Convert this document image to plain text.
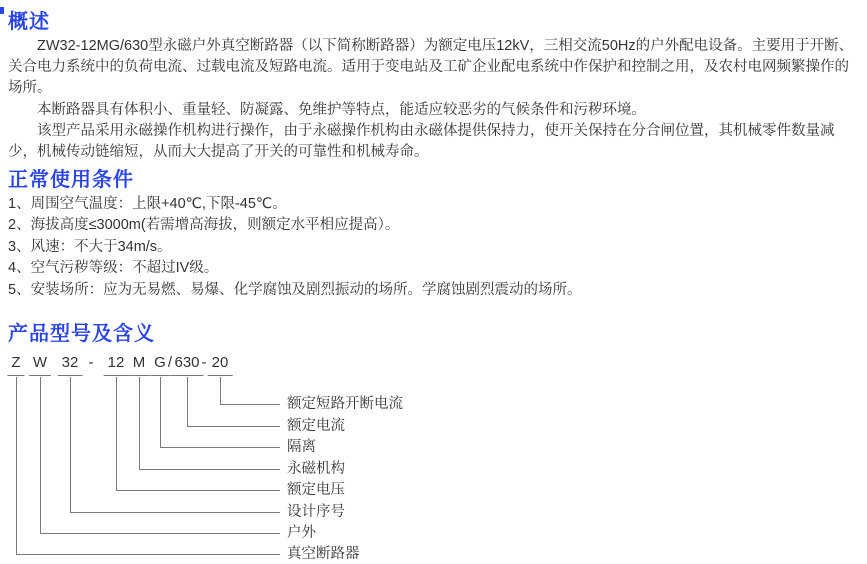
概述

ZW32-12MG/630型永磁户外真空断路器（以下简称断路器）为额定电压12kV，三相交流50Hz的户外配电设备。主要用于开断、关合电力系统中的负荷电流、过载电流及短路电流。适用于变电站及工矿企业配电系统中作保护和控制之用，及农村电网频繁操作的场所。

本断路器具有体积小、重量轻、防凝露、免维护等特点，能适应较恶劣的气候条件和污秽环境。

该型产品采用永磁操作机构进行操作，由于永磁操作机构由永磁体提供保持力，使开关保持在分合闸位置，其机械零件数量减少，机械传动链缩短，从而大大提高了开关的可靠性和机械寿命。

正常使用条件

1、周围空气温度：上限+40℃,下限-45℃。

2、海拔高度≤3000m(若需增高海拔，则额定水平相应提高）。

3、风速：不大于34m/s。

4、空气污秽等级：不超过IV级。

5、安装场所：应为无易燃、易爆、化学腐蚀及剧烈振动的场所。学腐蚀剧烈震动的场所。

产品型号及含义
Z W 32 - 12 M G / 630 - 20
额定短路开断电流
额定电流
隔离
永磁机构
额定电压
设计序号
户外
真空断路器
